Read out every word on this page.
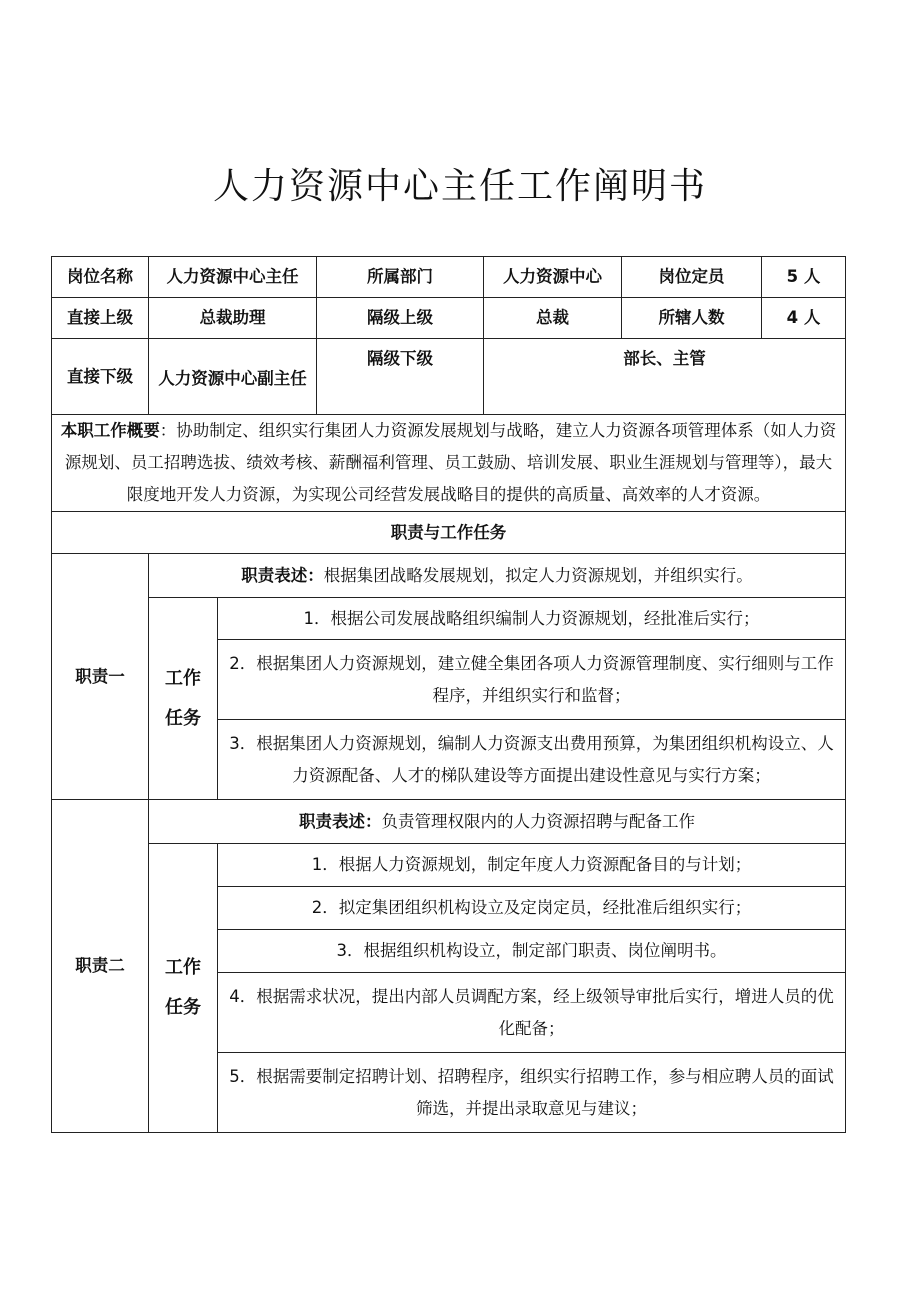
人力资源中心主任工作阐明书
岗位名称	人力资源中心主任		所属部门	人力资源中心	岗位定员	5 人
直接上级	总裁助理		隔级上级	总裁	所辖人数	4 人
直接下级	人力资源中心副主任		隔级下级	部长、主管		
本职工作概要：协助制定、组织实行集团人力资源发展规划与战略，建立人力资源各项管理体系（如人力资源规划、员工招聘选拔、绩效考核、薪酬福利管理、员工鼓励、培训发展、职业生涯规划与管理等），最大限度地开发人力资源，为实现公司经营发展战略目的提供的高质量、高效率的人才资源。						
职责与工作任务						
职责一	职责表述：根据集团战略发展规划，拟定人力资源规划，并组织实行。					
	工作任务	1．根据公司发展战略组织编制人力资源规划，经批准后实行；				
		2．根据集团人力资源规划，建立健全集团各项人力资源管理制度、实行细则与工作程序，并组织实行和监督；				
		3．根据集团人力资源规划，编制人力资源支出费用预算，为集团组织机构设立、人力资源配备、人才的梯队建设等方面提出建设性意见与实行方案；				
职责二	职责表述：负责管理权限内的人力资源招聘与配备工作					
	工作任务	1．根据人力资源规划，制定年度人力资源配备目的与计划；				
		2．拟定集团组织机构设立及定岗定员，经批准后组织实行；				
		3．根据组织机构设立，制定部门职责、岗位阐明书。				
		4．根据需求状况，提出内部人员调配方案，经上级领导审批后实行，增进人员的优化配备；				
		5．根据需要制定招聘计划、招聘程序，组织实行招聘工作，参与相应聘人员的面试筛选，并提出录取意见与建议；				
